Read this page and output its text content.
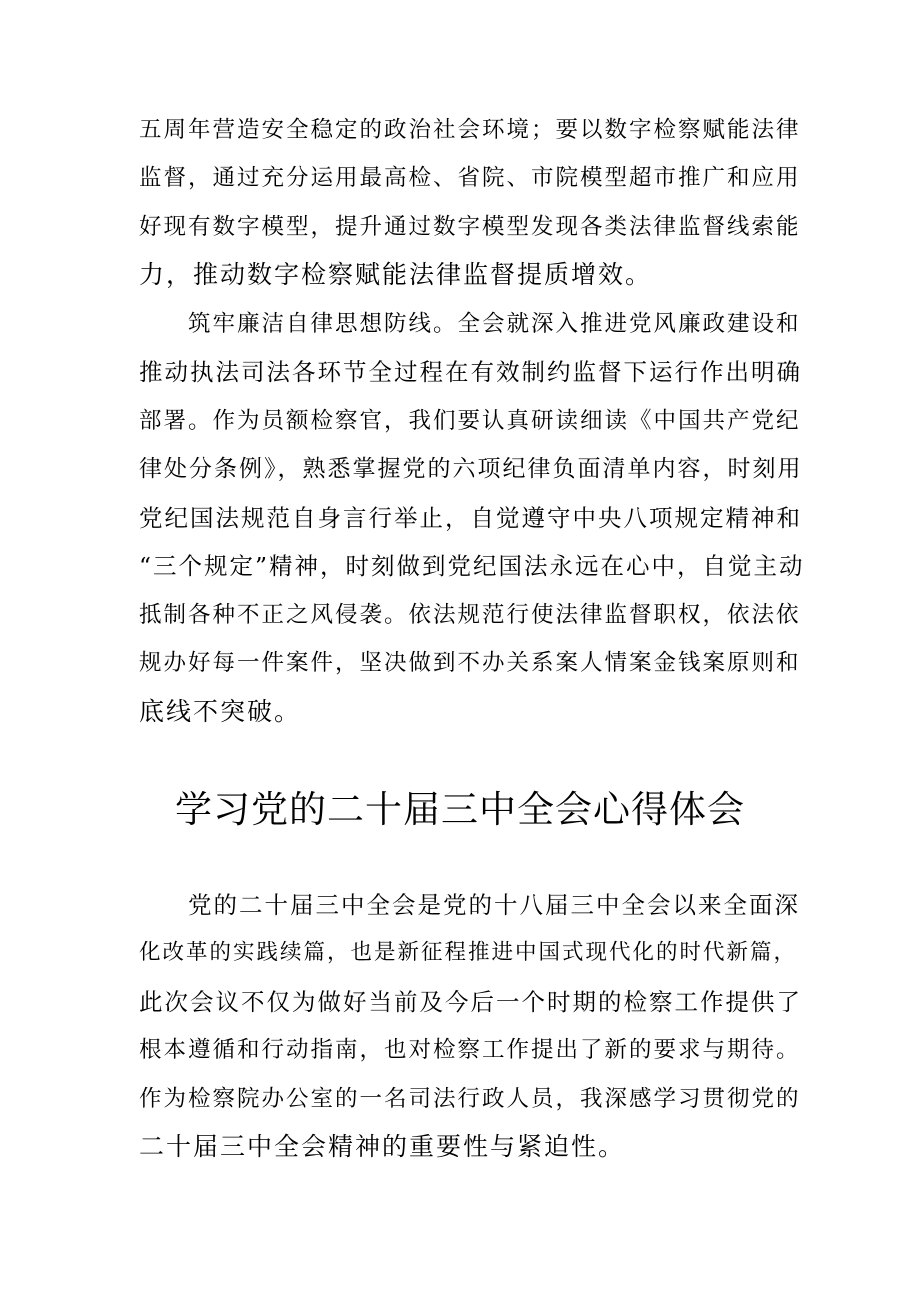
五周年营造安全稳定的政治社会环境；要以数字检察赋能法律

监督，通过充分运用最高检、省院、市院模型超市推广和应用

好现有数字模型，提升通过数字模型发现各类法律监督线索能

力，推动数字检察赋能法律监督提质增效。

筑牢廉洁自律思想防线。全会就深入推进党风廉政建设和

推动执法司法各环节全过程在有效制约监督下运行作出明确

部署。作为员额检察官，我们要认真研读细读《中国共产党纪

律处分条例》，熟悉掌握党的六项纪律负面清单内容，时刻用

党纪国法规范自身言行举止，自觉遵守中央八项规定精神和

“三个规定”精神，时刻做到党纪国法永远在心中，自觉主动

抵制各种不正之风侵袭。依法规范行使法律监督职权，依法依

规办好每一件案件，坚决做到不办关系案人情案金钱案原则和

底线不突破。

学习党的二十届三中全会心得体会

党的二十届三中全会是党的十八届三中全会以来全面深

化改革的实践续篇，也是新征程推进中国式现代化的时代新篇，

此次会议不仅为做好当前及今后一个时期的检察工作提供了

根本遵循和行动指南，也对检察工作提出了新的要求与期待。

作为检察院办公室的一名司法行政人员，我深感学习贯彻党的

二十届三中全会精神的重要性与紧迫性。
